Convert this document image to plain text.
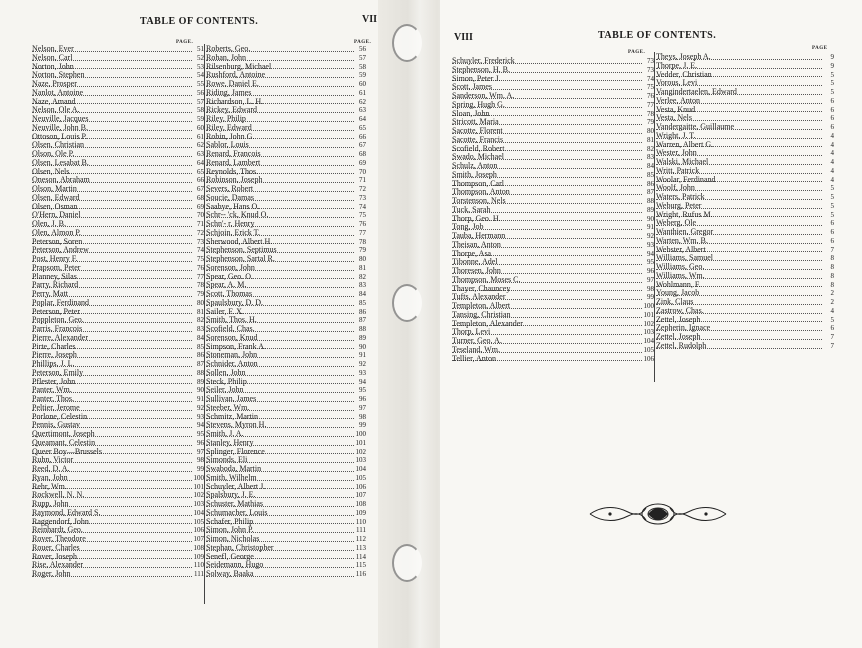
TABLE OF CONTENTS.	VII
PAGE.	PAGE.
Nelson, Ever	51
Nelson, Carl	52
Norton, John	53
Norton, Stephen	54
Naze, Prosper	55
Nanlot, Antoine	56
Naze, Amand	57
Nelson, Ole A.	58
Neuville, Jacques	59
Neuville, John B.	60
Ottoson, Louis P.	61
Olsen, Christian	62
Olson, Ole P.	63
Olsen, Lesabat B.	64
Olsen, Nels	65
Oneson, Abraham	66
Olson, Martin	67
Olsen, Edward	68
Olsen, Osman	69
O'Hern, Daniel	70
Olen, J. B.	71
Olen, Almon P.	72
Peterson, Soren	73
Peterson, Andrew	74
Post, Henry F.	75
Prapsom, Peter	76
Planney, Silas	77
Parry, Richard	78
Perry, Matt	79
Poplar, Ferdinand	80
Peterson, Peter	81
Poppleton, Geo.	82
Parris, Francois	83
Pierre, Alexander	84
Pirte, Charles	85
Pierre, Joseph	86
Phillips, J. L.	87
Peterson, Emily	88
Pflester, John	89
Panter, Wm.	90
Panter, Thos.	91
Peltier, Jerome	92
Porlone, Celestin	93
Pennis, Gustav	94
Quertimont, Joseph	95
Queamant, Celestin	96
Queer Boy—Brussels	97
Ruhn, Victor	98
Reed, D. A.	99
Ryan, John	100
Rehr, Wm.	101
Rockwell, N. N.	102
Rupp, John	103
Raymond, Edward S.	104
Raggendorf, John	105
Reinhardt, Geo.	106
Rover, Theodore	107
Rouer, Charles	108
Rover, Joseph	109
Rise, Alexander	110
Roger, John	111
Roberts, Geo.	56
Rohan, John	57
Rilsenburg, Michael	58
Rushford, Antoine	59
Rowe, Daniel E.	60
Riding, James	61
Richardson, L. H.	62
Rickey, Edward	63
Riley, Philip	64
Riley, Edward	65
Robin, John G.	66
Sablor, Louis	67
Renard, Francois	68
Renard, Lambert	69
Reynolds, Thos.	70
Robinson, Joseph	71
Severs, Robert	72
Soucie, Damas	73
Saabye, Hans O.	74
Schr-- 'ck, Knud O.	75
Schn'- r, Henry	76
Schjoin, Erick T.	77
Sherwood, Albert H.	78
Stephenson, Septimus	79
Stephenson, Sartal R.	80
Sorenson, John	81
Spear, Geo. O.	82
Spear, A. M.	83
Scott, Thomas	84
Spaulsbury, D. D.	85
Sailer, F. X.	86
Smith, Thos. H.	87
Scofield, Chas.	88
Sorenson, Knud	89
Simpson, Frank A.	90
Stoneman, John	91
Schnider, Anton	92
Sollen, John	93
Steck, Philip	94
Seiler, John	95
Sullivan, James	96
Steeber, Wm.	97
Schmitz, Martin	98
Stevens, Myron H.	99
Smith, J. A.	100
Stanley, Henry	101
Splinger, Florence	102
Simonds, Eli	103
Swaboda, Martin	104
Smith, Wilhelm	105
Schuyler, Albert J.	106
Spalsbury, J. E.	107
Schuster, Mathias	108
Schumacher, Louis	109
Schafer, Philip	110
Simon, John P.	111
Simon, Nicholas	112
Stephan, Christopher	113
Senefl, George	114
Seidemann, Hugo	115
Solway, Baaka	116
VIII	TABLE OF CONTENTS.
PAGE.
PAGE
Schuyler, Frederick	73
Stephenson, H. B.	73
Simon, Peter J.	74
Scott, James	75
Sanderson, Wm. A.	76
Spring, Hugh G.	77
Sloan, John	78
Stricott, Maria	79
Sacotte, Florent	80
Sacotte, Francis	81
Scofield, Robert	82
Swado, Michael	83
Schulz, Anton	84
Smith, Joseph	85
Thompson, Carl	86
Thompson, Anton	87
Torstenson, Nels	88
Tuck, Sarah	89
Thorp, Geo. H.	90
Tong, Job	91
Tauba, Hermann	92
Theisan, Anton	93
Thorpe, Asa	94
Tibonne, Adel	95
Thoresen, John	96
Thompson, Moses C.	97
Thayer, Chauncey	98
Tufts, Alexander	99
Templeton, Albert	100
Tansing, Christian	101
Templeton, Alexander	102
Thorp, Levi	103
Turner, Geo. A.	104
Teseland, Wm.	105
Tellier, Anton	106
Theys, Joseph A.	9
Thorpe, J. E.	9
Vedder, Christian	5
Vorous, Levi	5
Vangindertaelen, Edward	5
Verlee, Anton	6
Vesta, Knud	6
Vesta, Nels	6
Vandergaitte, Guillaume	6
Wright, J. T.	4
Warren, Albert G.	4
Wester, John	4
Walski, Michael	4
Writt, Patrick	4
Woolar, Ferdinand	4
Woolf, John	5
Waters, Patrick	5
Weburg, Peter	5
Wright, Rufus M.	5
Weberg, Ole	6
Wanthien, Gregor	6
Warten, Wm. B.	6
Webster, Albert	7
Williams, Samuel	8
Williams, Geo.	8
Williams, Wm.	8
Wohlmann, F.	8
Young, Jacob	2
Zink, Claus	2
Zastrow, Chas.	4
Zettel, Joseph	5
Zepherin, Ignace	6
Zettel, Joseph	7
Zettel, Rudolph	7
